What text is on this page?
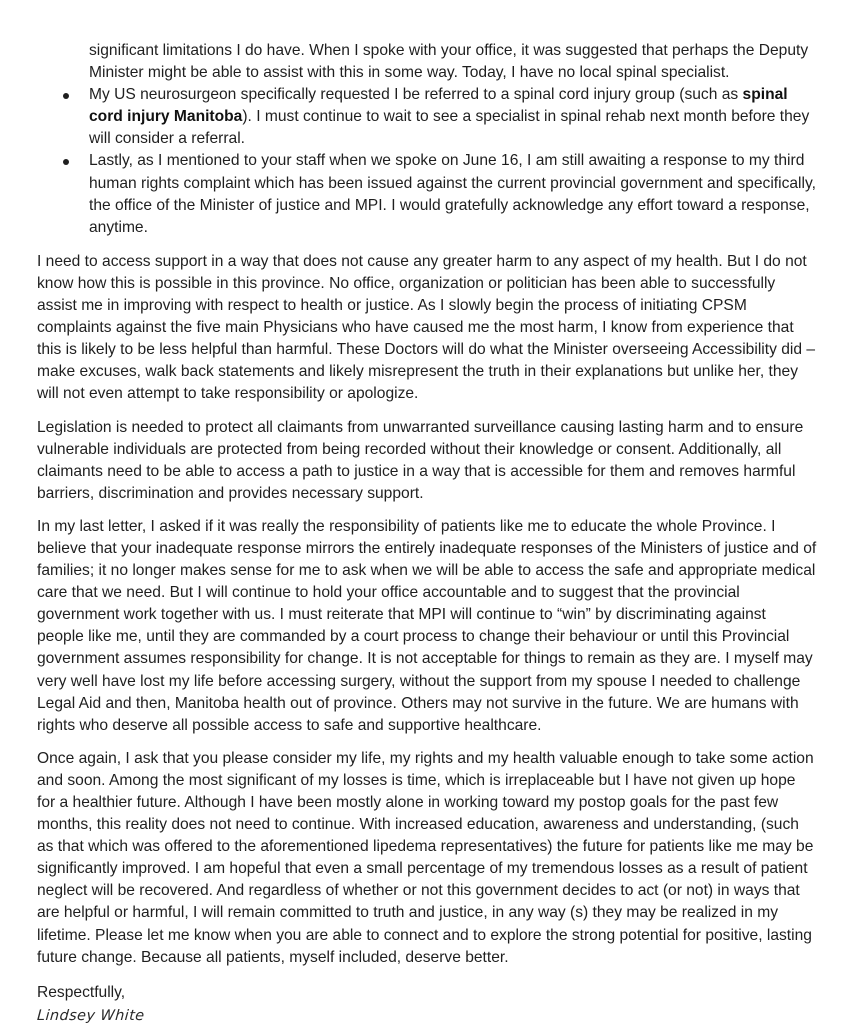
significant limitations I do have. When I spoke with your office, it was suggested that perhaps the Deputy Minister might be able to assist with this in some way. Today, I have no local spinal specialist.
My US neurosurgeon specifically requested I be referred to a spinal cord injury group (such as spinal cord injury Manitoba). I must continue to wait to see a specialist in spinal rehab next month before they will consider a referral.
Lastly, as I mentioned to your staff when we spoke on June 16, I am still awaiting a response to my third human rights complaint which has been issued against the current provincial government and specifically, the office of the Minister of justice and MPI. I would gratefully acknowledge any effort toward a response, anytime.

I need to access support in a way that does not cause any greater harm to any aspect of my health. But I do not know how this is possible in this province. No office, organization or politician has been able to successfully assist me in improving with respect to health or justice. As I slowly begin the process of initiating CPSM complaints against the five main Physicians who have caused me the most harm, I know from experience that this is likely to be less helpful than harmful. These Doctors will do what the Minister overseeing Accessibility did – make excuses, walk back statements and likely misrepresent the truth in their explanations but unlike her, they will not even attempt to take responsibility or apologize.

Legislation is needed to protect all claimants from unwarranted surveillance causing lasting harm and to ensure vulnerable individuals are protected from being recorded without their knowledge or consent. Additionally, all claimants need to be able to access a path to justice in a way that is accessible for them and removes harmful barriers, discrimination and provides necessary support.

In my last letter, I asked if it was really the responsibility of patients like me to educate the whole Province. I believe that your inadequate response mirrors the entirely inadequate responses of the Ministers of justice and of families; it no longer makes sense for me to ask when we will be able to access the safe and appropriate medical care that we need. But I will continue to hold your office accountable and to suggest that the provincial government work together with us. I must reiterate that MPI will continue to “win” by discriminating against people like me, until they are commanded by a court process to change their behaviour or until this Provincial government assumes responsibility for change. It is not acceptable for things to remain as they are. I myself may very well have lost my life before accessing surgery, without the support from my spouse I needed to challenge Legal Aid and then, Manitoba health out of province. Others may not survive in the future. We are humans with rights who deserve all possible access to safe and supportive healthcare.

Once again, I ask that you please consider my life, my rights and my health valuable enough to take some action and soon. Among the most significant of my losses is time, which is irreplaceable but I have not given up hope for a healthier future. Although I have been mostly alone in working toward my postop goals for the past few months, this reality does not need to continue. With increased education, awareness and understanding, (such as that which was offered to the aforementioned lipedema representatives) the future for patients like me may be significantly improved. I am hopeful that even a small percentage of my tremendous losses as a result of patient neglect will be recovered. And regardless of whether or not this government decides to act (or not) in ways that are helpful or harmful, I will remain committed to truth and justice, in any way (s) they may be realized in my lifetime. Please let me know when you are able to connect and to explore the strong potential for positive, lasting future change. Because all patients, myself included, deserve better.

Respectfully,
Lindsey White
